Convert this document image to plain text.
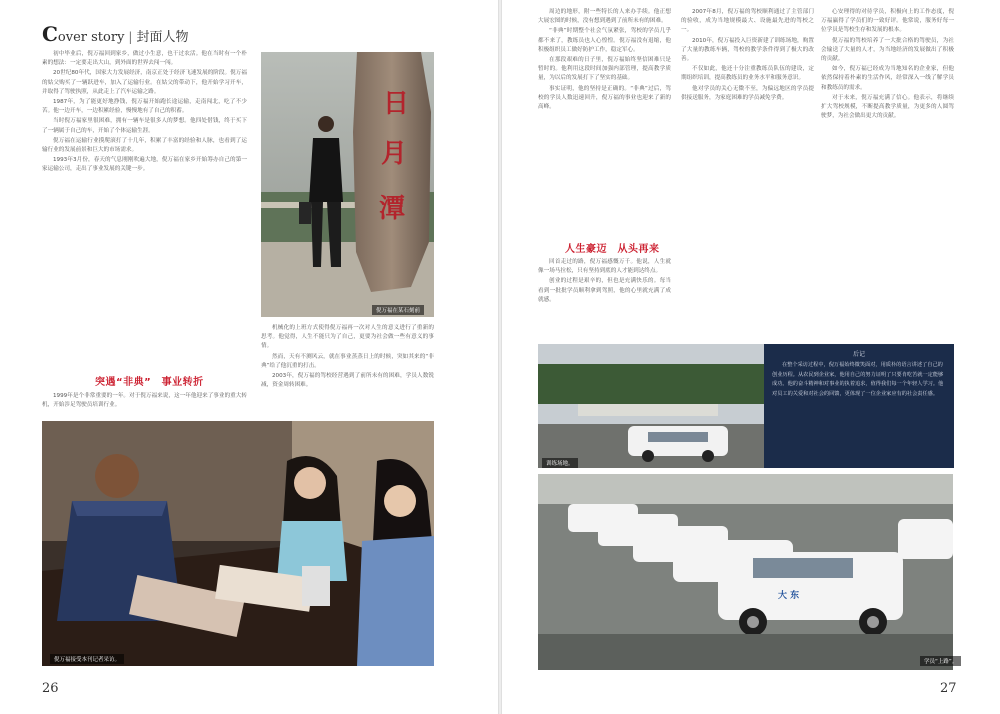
Cover story | 封面人物

初中毕业后，倪万福回到家乡，做过小生意，也干过农活。他在当时有一个朴素的想法：一定要走出大山，到外面的世界去闯一闯。

20世纪80年代，国家大力发展经济，南京正处于经济飞速发展的阶段。倪万福的姑父购买了一辆跃进车，加入了运输行业。在姑父的带动下，他开始学习开车，并取得了驾驶执照，从此走上了汽车运输之路。

1987年，为了能更好地挣钱，倪万福开始跑长途运输，走南闯北，吃了不少苦。他一边开车，一边积累经验，慢慢地有了自己的积蓄。

当时倪万福家里很困难，拥有一辆车是很多人的梦想。他四处借钱，终于买下了一辆属于自己的车，开始了个体运输生涯。

倪万福在运输行业摸爬滚打了十几年，积累了丰富的经验和人脉，也看到了运输行业的发展前景和巨大的市场需求。

1993年3月份，春天的气息刚刚吹遍大地，倪万福在家乡开始筹办自己的第一家运输公司，走出了事业发展的关键一步。

突遇“非典”　事业转折

1999年是个非常重要的一年。对于倪万福来说，这一年他迎来了事业的重大转机，开始涉足驾驶员培训行业。

日
月
潭
倪万福在某石刻前

机械化的上班方式使得倪万福再一次对人生的意义进行了重新的思考。他觉得，人生不能只为了自己，更要为社会做一些有意义的事情。

然而，天有不测风云，就在事业蒸蒸日上的时候，突如其来的“非典”给了他沉重的打击。

2003年，倪万福的驾校经营遇到了前所未有的困难，学员人数锐减，资金周转困难。

倪万福接受本刊记者采访。

周边的地形，附一些特长的人来办手续。他正想大展宏图的时候，没有想到遇到了前所未有的困难。

“非典”时期整个社会气氛紧张，驾校的学员几乎都不来了，教练员也人心惶惶。倪万福没有退缩，他积极组织员工做好防护工作，稳定军心。

在那段艰难的日子里，倪万福始终坚信困难只是暂时的。他利用这段时间加强内部管理，提高教学质量，为以后的发展打下了坚实的基础。

事实证明，他的坚持是正确的。“非典”过后，驾校的学员人数迅速回升，倪万福的事业也迎来了新的高峰。

人生豪迈　从头再来

回首走过的路，倪万福感慨万千。他说，人生就像一场马拉松，只有坚持到底的人才能到达终点。

创业的过程是艰辛的，但也是充满快乐的。每当看到一批批学员顺利拿到驾照，他的心里就充满了成就感。

2007年8月，倪万福的驾校顺利通过了主管部门的验收，成为当地规模最大、设施最先进的驾校之一。

2010年，倪万福投入巨资新建了训练场地，购置了大量的教练车辆，驾校的教学条件得到了极大的改善。

不仅如此，他还十分注重教练员队伍的建设，定期组织培训，提高教练员的业务水平和服务意识。

他对学员的关心无微不至，为偏远地区的学员提供接送服务，为家庭困难的学员减免学费。

心安理得的对待学员，积极向上的工作态度，倪万福赢得了学员们的一致好评。他常说，服务好每一位学员是驾校生存和发展的根本。

倪万福的驾校培养了一大批合格的驾驶员，为社会输送了大量的人才，为当地经济的发展做出了积极的贡献。

如今，倪万福已经成为当地知名的企业家，但他依然保持着朴素的生活作风，经常深入一线了解学员和教练员的需求。

对于未来，倪万福充满了信心。他表示，将继续扩大驾校规模，不断提高教学质量，为更多的人圆驾驶梦，为社会做出更大的贡献。

大 东
训练场地。
学员“上路”。
后记
在整个采访过程中，倪万福始终微笑面对，用质朴的语言讲述了自己的创业历程。从农民到企业家，他用自己的努力证明了只要肯吃苦就一定能够成功。他的奋斗精神和对事业的执着追求，值得我们每一个年轻人学习。他对员工的关爱和对社会的回馈，更体现了一位企业家应有的社会责任感。
26	27
